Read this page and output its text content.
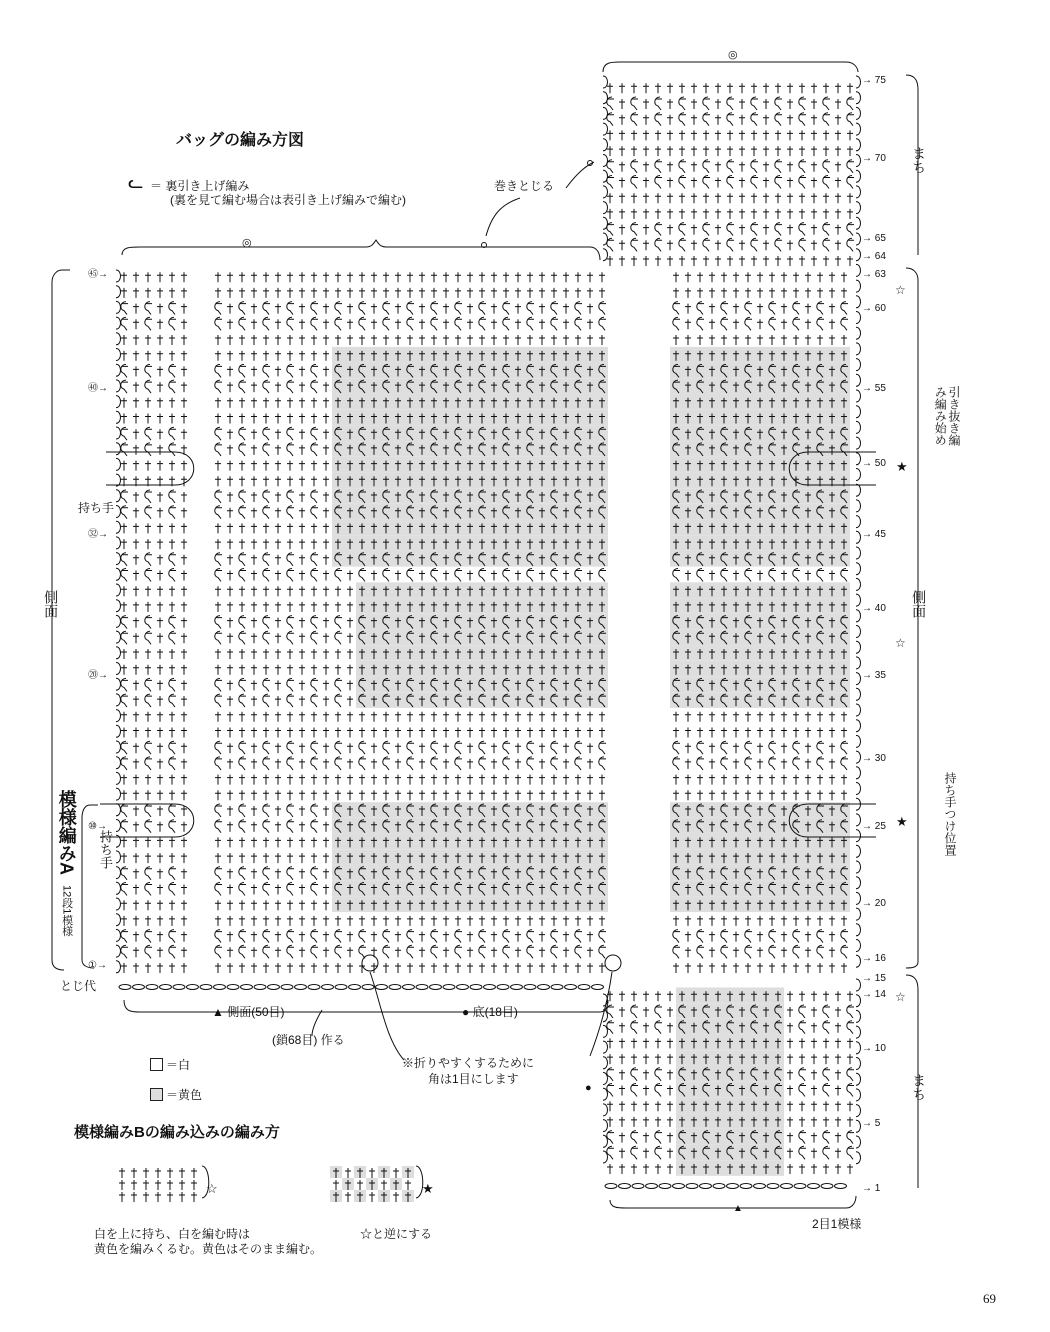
バッグの編み方図
ᓚ ＝ 裏引き上げ編み
(裏を見て編む場合は表引き上げ編みで編む)
巻きとじる
持ち手
持ち手
側面
模様編みA
12段1模様
とじ代
▲ 側面(50目)	● 底(18目)
(鎖68目) 作る
※折りやすくするために
角は1目にします
＝白
＝黄色
模様編みBの編み込みの編み方
白を上に持ち、白を編む時は
黄色を編みくるむ。黄色はそのまま編む。
☆と逆にする
☆	★
まち
側面
まち
引き抜き編み編み始め
持ち手つけ位置
2目1模様
●
▲
★
★
☆
☆
☆
◎
◎
69
㊺→
㊵→
㉜→
⑳→
⑩→
①→
→ 75
→ 70
→ 65
→ 64
→ 63
→ 60
→ 55
→ 50
→ 45
→ 40
→ 35
→ 30
→ 25
→ 20
→ 16
→ 15
→ 14
→ 10
→ 5
→ 1
